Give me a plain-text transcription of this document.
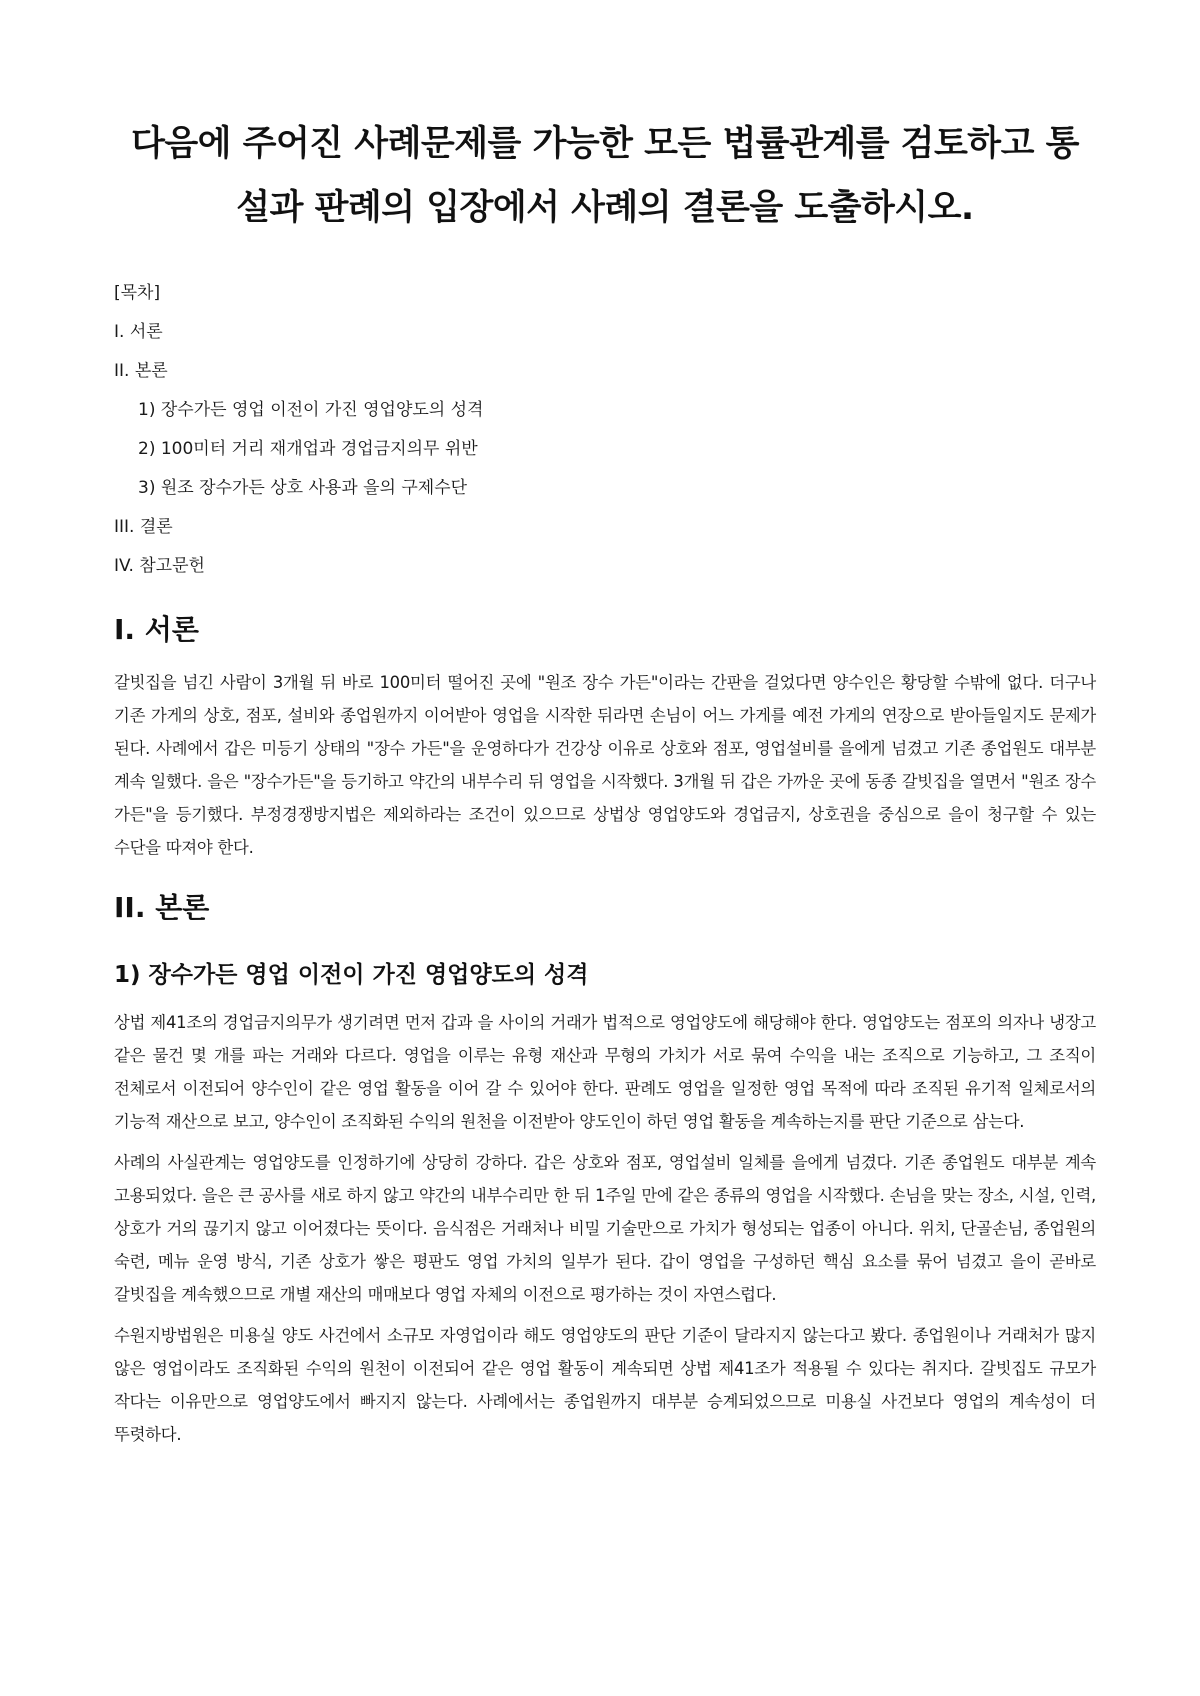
다음에 주어진 사례문제를 가능한 모든 법률관계를 검토하고 통
설과 판례의 입장에서 사례의 결론을 도출하시오.
[목차]
I. 서론
II. 본론
1) 장수가든 영업 이전이 가진 영업양도의 성격
2) 100미터 거리 재개업과 경업금지의무 위반
3) 원조 장수가든 상호 사용과 을의 구제수단
III. 결론
IV. 참고문헌
I. 서론

갈빗집을 넘긴 사람이 3개월 뒤 바로 100미터 떨어진 곳에 "원조 장수 가든"이라는 간판을 걸었다면 양수인은 황당할 수밖에 없다. 더구나 기존 가게의 상호, 점포, 설비와 종업원까지 이어받아 영업을 시작한 뒤라면 손님이 어느 가게를 예전 가게의 연장으로 받아들일지도 문제가 된다. 사례에서 갑은 미등기 상태의 "장수 가든"을 운영하다가 건강상 이유로 상호와 점포, 영업설비를 을에게 넘겼고 기존 종업원도 대부분 계속 일했다. 을은 "장수가든"을 등기하고 약간의 내부수리 뒤 영업을 시작했다. 3개월 뒤 갑은 가까운 곳에 동종 갈빗집을 열면서 "원조 장수 가든"을 등기했다. 부정경쟁방지법은 제외하라는 조건이 있으므로 상법상 영업양도와 경업금지, 상호권을 중심으로 을이 청구할 수 있는 수단을 따져야 한다.

II. 본론
1) 장수가든 영업 이전이 가진 영업양도의 성격

상법 제41조의 경업금지의무가 생기려면 먼저 갑과 을 사이의 거래가 법적으로 영업양도에 해당해야 한다. 영업양도는 점포의 의자나 냉장고 같은 물건 몇 개를 파는 거래와 다르다. 영업을 이루는 유형 재산과 무형의 가치가 서로 묶여 수익을 내는 조직으로 기능하고, 그 조직이 전체로서 이전되어 양수인이 같은 영업 활동을 이어 갈 수 있어야 한다. 판례도 영업을 일정한 영업 목적에 따라 조직된 유기적 일체로서의 기능적 재산으로 보고, 양수인이 조직화된 수익의 원천을 이전받아 양도인이 하던 영업 활동을 계속하는지를 판단 기준으로 삼는다.

사례의 사실관계는 영업양도를 인정하기에 상당히 강하다. 갑은 상호와 점포, 영업설비 일체를 을에게 넘겼다. 기존 종업원도 대부분 계속 고용되었다. 을은 큰 공사를 새로 하지 않고 약간의 내부수리만 한 뒤 1주일 만에 같은 종류의 영업을 시작했다. 손님을 맞는 장소, 시설, 인력, 상호가 거의 끊기지 않고 이어졌다는 뜻이다. 음식점은 거래처나 비밀 기술만으로 가치가 형성되는 업종이 아니다. 위치, 단골손님, 종업원의 숙련, 메뉴 운영 방식, 기존 상호가 쌓은 평판도 영업 가치의 일부가 된다. 갑이 영업을 구성하던 핵심 요소를 묶어 넘겼고 을이 곧바로 갈빗집을 계속했으므로 개별 재산의 매매보다 영업 자체의 이전으로 평가하는 것이 자연스럽다.

수원지방법원은 미용실 양도 사건에서 소규모 자영업이라 해도 영업양도의 판단 기준이 달라지지 않는다고 봤다. 종업원이나 거래처가 많지 않은 영업이라도 조직화된 수익의 원천이 이전되어 같은 영업 활동이 계속되면 상법 제41조가 적용될 수 있다는 취지다. 갈빗집도 규모가 작다는 이유만으로 영업양도에서 빠지지 않는다. 사례에서는 종업원까지 대부분 승계되었으므로 미용실 사건보다 영업의 계속성이 더 뚜렷하다.
